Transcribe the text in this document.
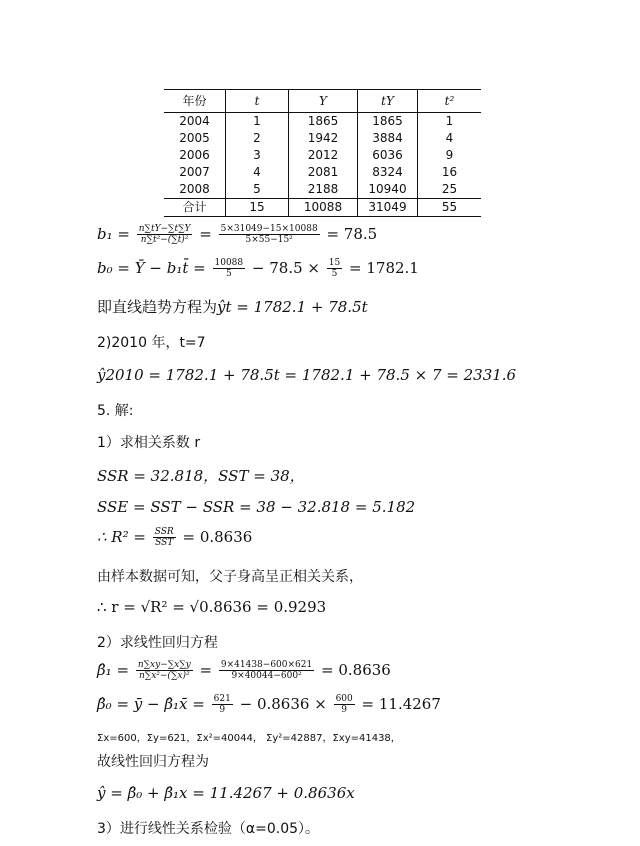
年份	t	Y	tY	t²
2004	1	1865	1865	1
2005	2	1942	3884	4
2006	3	2012	6036	9
2007	4	2081	8324	16
2008	5	2188	10940	25
合计	15	10088	31049	55
$b_1 = \frac{n\sum tY-\sum t\sum Y}{\text{n∑t²−(∑t)²}} = \frac{5\times 31049-15\times 10088}{\text{5×55−15²}} = 78.5$
b₀ = Ȳ − b₁t̄ = $\frac{10088}{5} - 78.5 \times \frac{15}{5} = 1782.1$
即直线趋势方程为ŷt = 1782.1 + 78.5t
2)2010 年，t=7
ŷ2010 = 1782.1 + 78.5t = 1782.1 + 78.5 × 7 = 2331.6
5. 解:
1）求相关系数 r
SSR = 32.818，SST = 38，
SSE = SST − SSR = 38 − 32.818 = 5.182
∴ $R^2 = \frac{\text{SSR}}{\text{SST}} = 0.8636$
由样本数据可知，父子身高呈正相关关系，
∴ r = √R² = √0.8636 = 0.9293
2）求线性回归方程
β̂₁ = $\frac{n\sum xy-\sum x\sum y}{\text{n∑x²−(∑x)²}} = \frac{9\times 41438-600\times 621}{\text{9×40044−600²}} = 0.8636$
β̂₀ = ȳ − β̂₁x̄ = $\frac{621}{9} - 0.8636 \times \frac{600}{9} = 11.4267$
Σx=600，Σy=621，Σx²=40044， Σy²=42887，Σxy=41438，
故线性回归方程为
ŷ = β̂₀ + β̂₁x = 11.4267 + 0.8636x
3）进行线性关系检验（α=0.05）。
